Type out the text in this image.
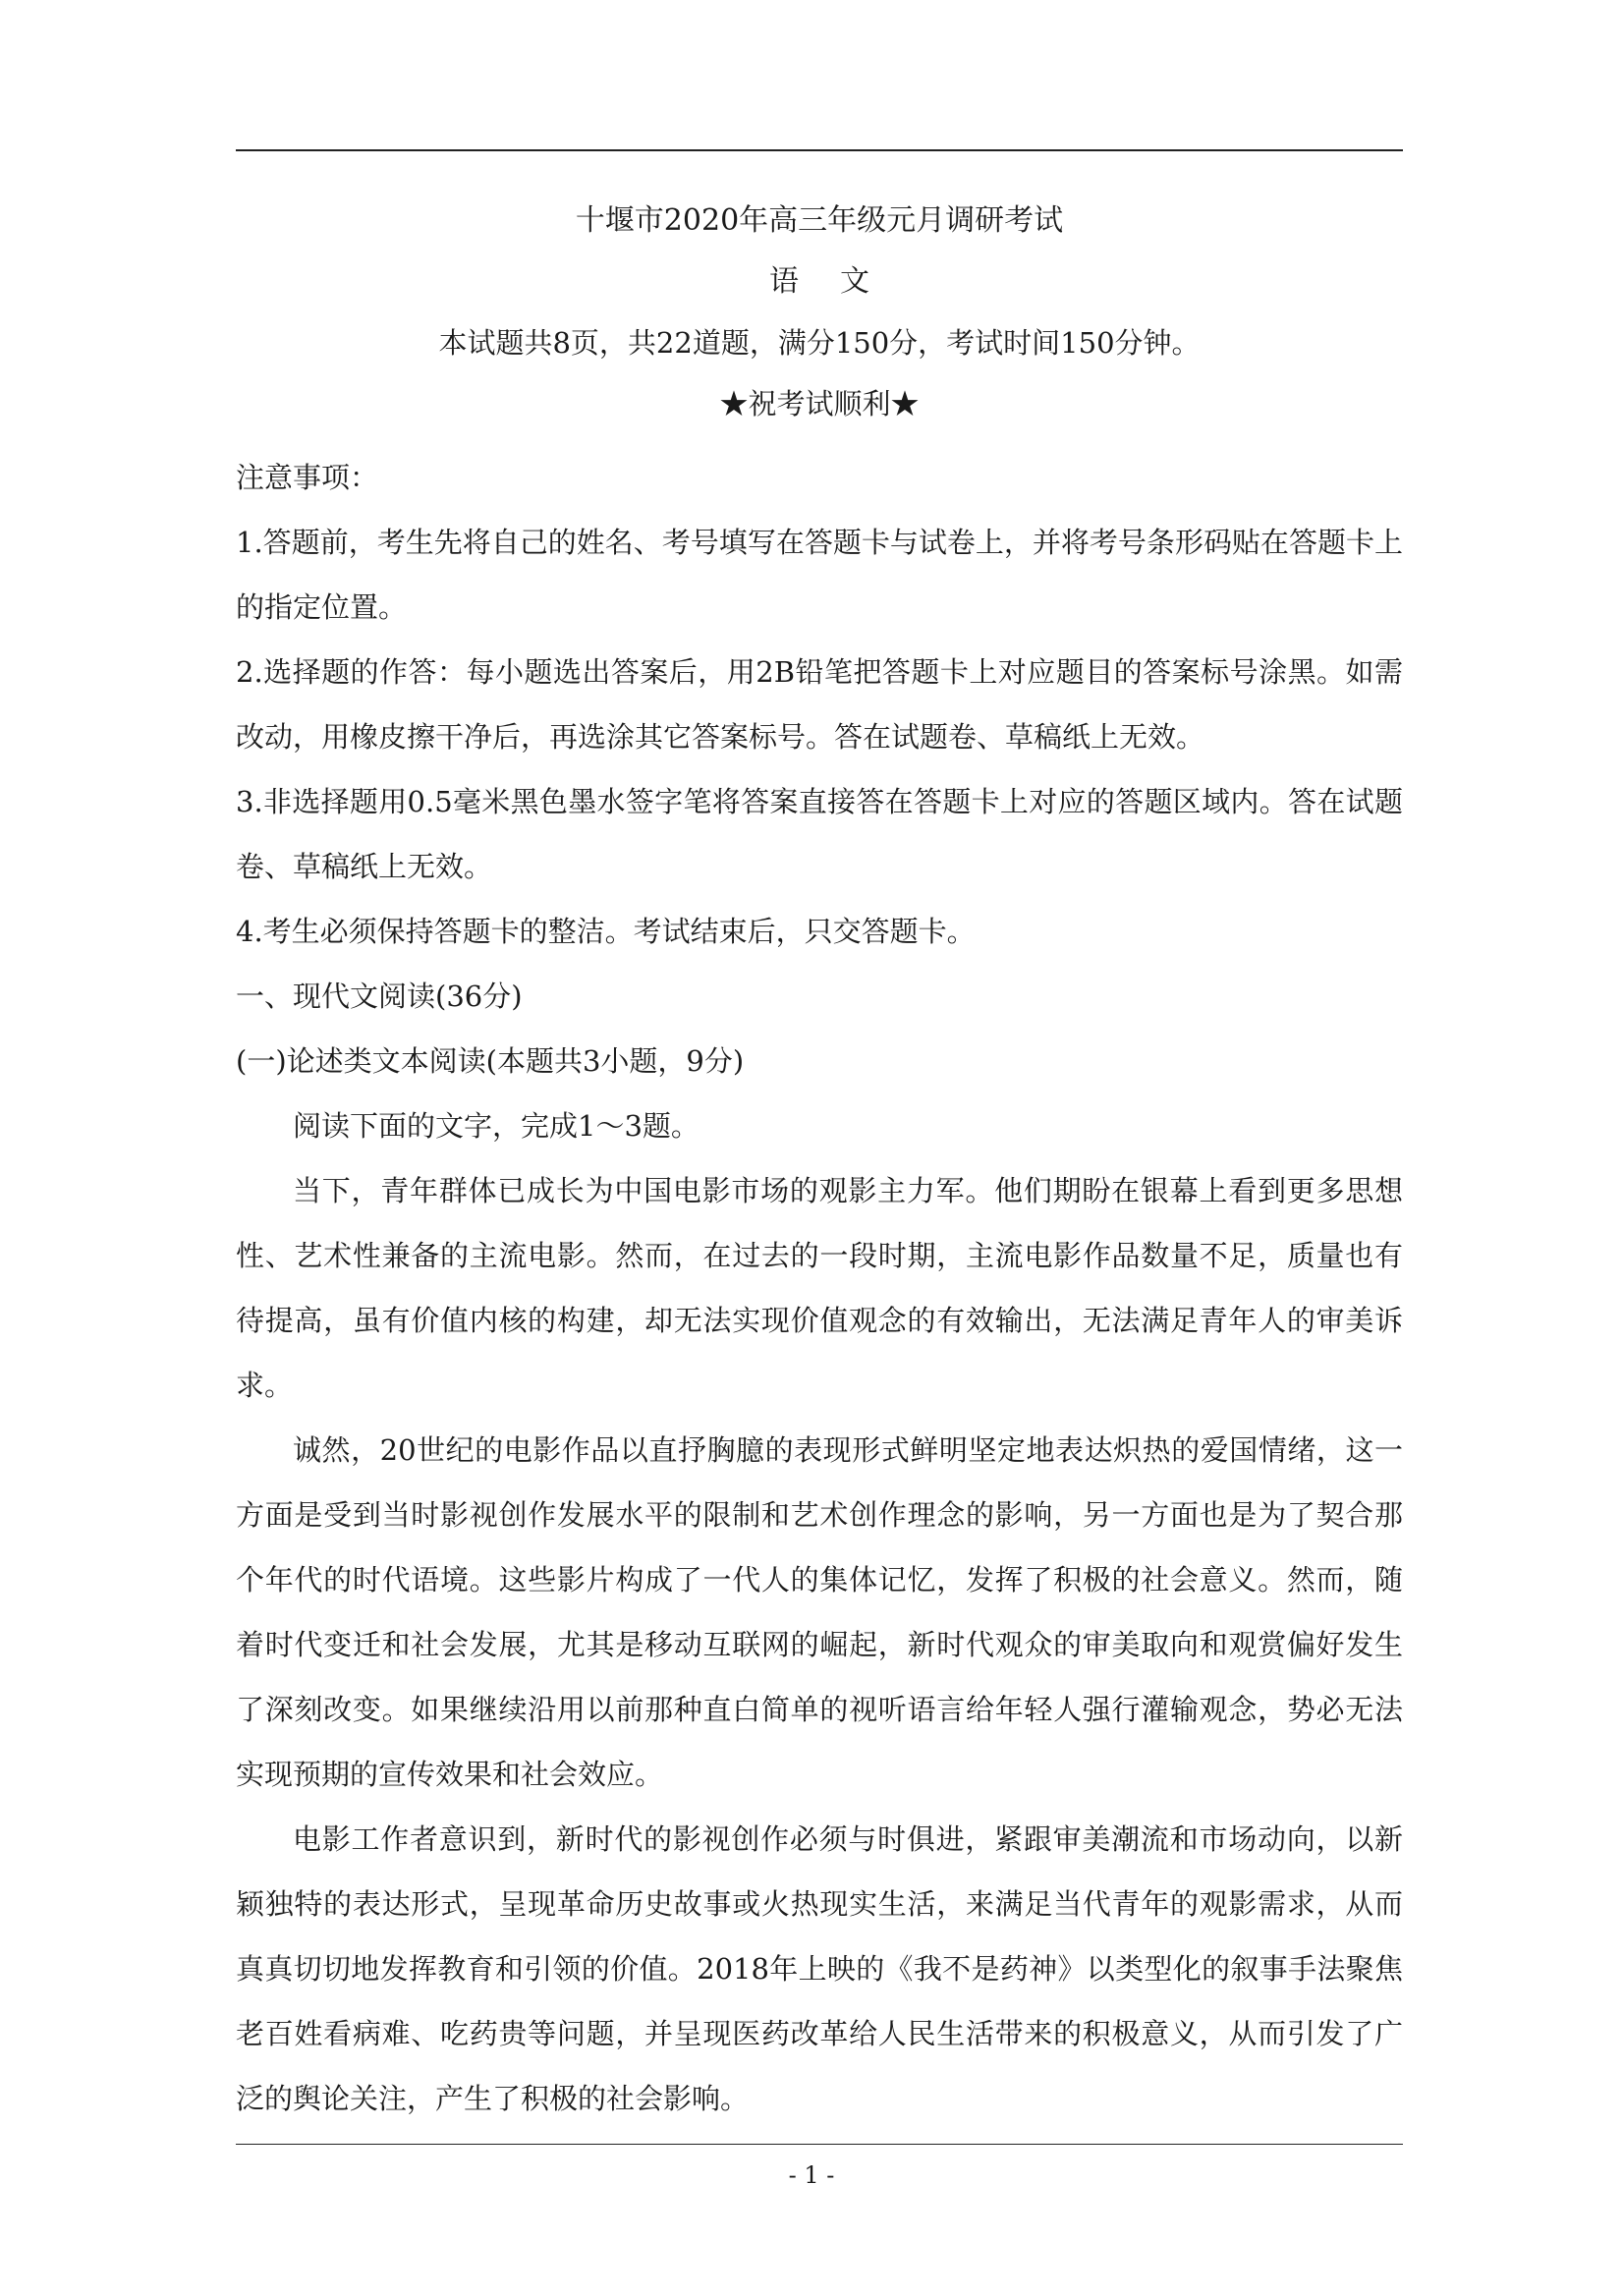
十堰市2020年高三年级元月调研考试
语文
本试题共8页，共22道题，满分150分，考试时间150分钟。
★祝考试顺利★
注意事项：
1.答题前，考生先将自己的姓名、考号填写在答题卡与试卷上，并将考号条形码贴在答题卡上的指定位置。
2.选择题的作答：每小题选出答案后，用2B铅笔把答题卡上对应题目的答案标号涂黑。如需改动，用橡皮擦干净后，再选涂其它答案标号。答在试题卷、草稿纸上无效。
3.非选择题用0.5毫米黑色墨水签字笔将答案直接答在答题卡上对应的答题区域内。答在试题卷、草稿纸上无效。
4.考生必须保持答题卡的整洁。考试结束后，只交答题卡。
一、现代文阅读(36分)
(一)论述类文本阅读(本题共3小题，9分)
阅读下面的文字，完成1～3题。
当下，青年群体已成长为中国电影市场的观影主力军。他们期盼在银幕上看到更多思想性、艺术性兼备的主流电影。然而，在过去的一段时期，主流电影作品数量不足，质量也有待提高，虽有价值内核的构建，却无法实现价值观念的有效输出，无法满足青年人的审美诉求。
诚然，20世纪的电影作品以直抒胸臆的表现形式鲜明坚定地表达炽热的爱国情绪，这一方面是受到当时影视创作发展水平的限制和艺术创作理念的影响，另一方面也是为了契合那个年代的时代语境。这些影片构成了一代人的集体记忆，发挥了积极的社会意义。然而，随着时代变迁和社会发展，尤其是移动互联网的崛起，新时代观众的审美取向和观赏偏好发生了深刻改变。如果继续沿用以前那种直白简单的视听语言给年轻人强行灌输观念，势必无法实现预期的宣传效果和社会效应。
电影工作者意识到，新时代的影视创作必须与时俱进，紧跟审美潮流和市场动向，以新颖独特的表达形式，呈现革命历史故事或火热现实生活，来满足当代青年的观影需求，从而真真切切地发挥教育和引领的价值。2018年上映的《我不是药神》以类型化的叙事手法聚焦老百姓看病难、吃药贵等问题，并呈现医药改革给人民生活带来的积极意义，从而引发了广泛的舆论关注，产生了积极的社会影响。
- 1 -
